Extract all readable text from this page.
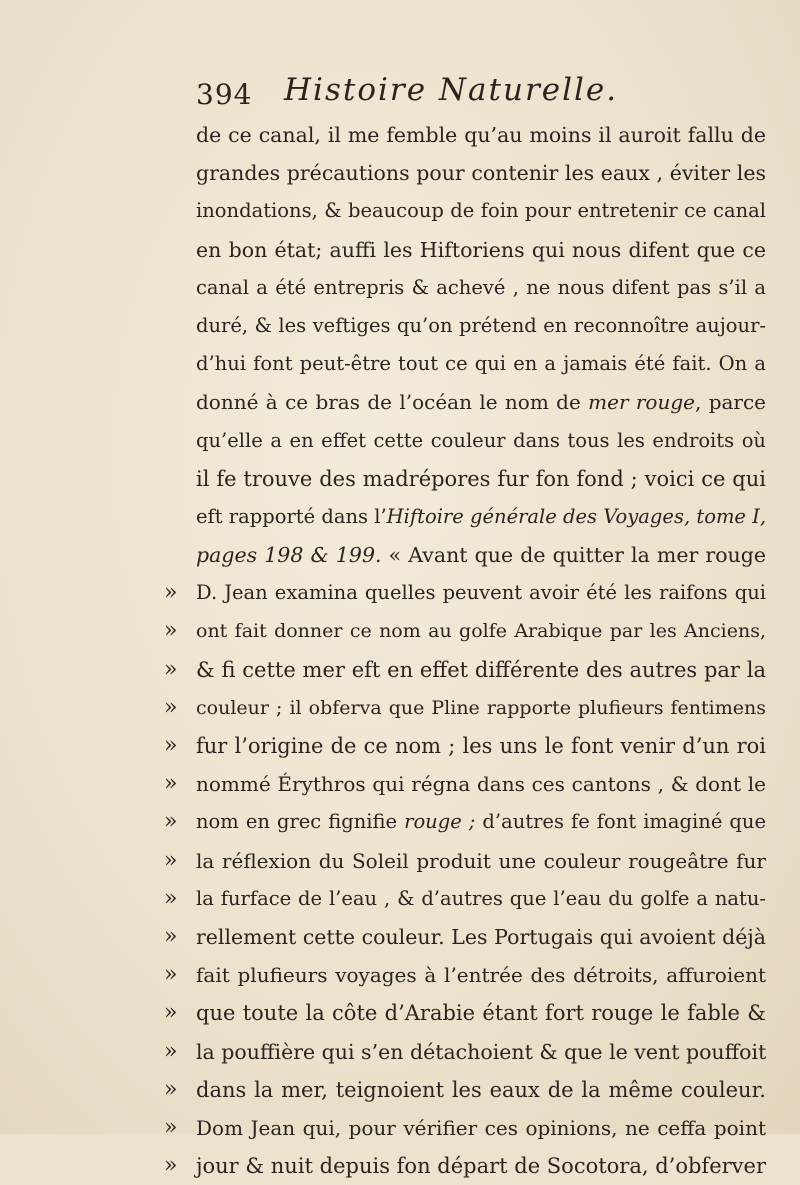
394 Histoire Naturelle.
de ce canal, il me femble qu’au moins il auroit fallu de
grandes précautions pour contenir les eaux , éviter les
inondations, & beaucoup de foin pour entretenir ce canal
en bon état; auffi les Hiftoriens qui nous difent que ce
canal a été entrepris & achevé , ne nous difent pas s’il a
duré, & les veftiges qu’on prétend en reconnoître aujour-
d’hui font peut-être tout ce qui en a jamais été fait. On a
donné à ce bras de l’océan le nom de mer rouge, parce
qu’elle a en effet cette couleur dans tous les endroits où
il fe trouve des madrépores fur fon fond ; voici ce qui
eft rapporté dans l’Hiftoire générale des Voyages, tome I,
pages 198 & 199. « Avant que de quitter la mer rouge
» D. Jean examina quelles peuvent avoir été les raifons qui
» ont fait donner ce nom au golfe Arabique par les Anciens,
» & fi cette mer eft en effet différente des autres par la
» couleur ; il obferva que Pline rapporte plufieurs fentimens
» fur l’origine de ce nom ; les uns le font venir d’un roi
» nommé Érythros qui régna dans ces cantons , & dont le
» nom en grec fignifie rouge ; d’autres fe font imaginé que
» la réflexion du Soleil produit une couleur rougeâtre fur
» la furface de l’eau , & d’autres que l’eau du golfe a natu-
» rellement cette couleur. Les Portugais qui avoient déjà
» fait plufieurs voyages à l’entrée des détroits, affuroient
» que toute la côte d’Arabie étant fort rouge le fable &
» la pouffière qui s’en détachoient & que le vent pouffoit
» dans la mer, teignoient les eaux de la même couleur.
» Dom Jean qui, pour vérifier ces opinions, ne ceffa point
» jour & nuit depuis fon départ de Socotora, d’obferver
